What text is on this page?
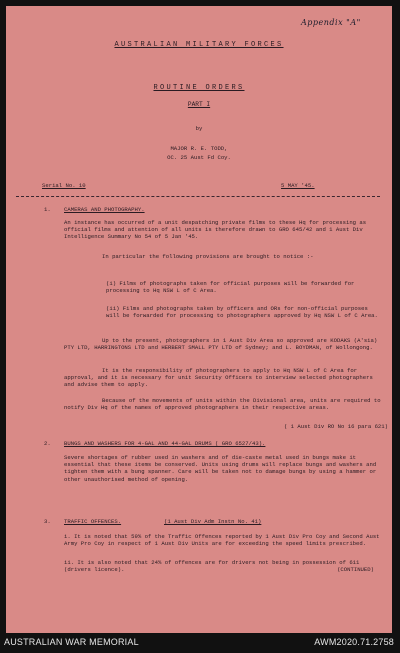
Appendix "A"
AUSTRALIAN MILITARY FORCES
ROUTINE ORDERS
PART I
by
MAJOR R. E. TODD,
OC. 25 Aust Fd Coy.
Serial No. 10	5 MAY '45.
1. CAMERAS AND PHOTOGRAPHY.
An instance has occurred of a unit despatching private films to these Hq for processing as official films and attention of all units is therefore drawn to GRO 645/42 and 1 Aust Div Intelligence Summary No 54 of 5 Jan '45.
In particular the following provisions are brought to notice :-
(i) Films of photographs taken for official purposes will be forwarded for processing to Hq NSW L of C Area.
(ii) Films and photographs taken by officers and ORs for non-official purposes will be forwarded for processing to photographers approved by Hq NSW L of C Area.
Up to the present, photographers in 1 Aust Div Area so approved are KODAKS (A'sia) PTY LTD, HARRINGTONS LTD and HERBERT SMALL PTY LTD of Sydney; and L. BOYDMAN, of Wollongong.
It is the responsibility of photographers to apply to Hq NSW L of C Area for approval, and it is necessary for unit Security Officers to interview selected photographers and advise them to apply.
Because of the movements of units within the Divisional area, units are required to notify Div Hq of the names of approved photographers in their respective areas.
( 1 Aust Div RO No 16 para 621)
2. BUNGS AND WASHERS FOR 4-GAL AND 44-GAL DRUMS ( GRO 6527/43).
Severe shortages of rubber used in washers and of die-caste metal used in bungs make it essential that these items be conserved. Units using drums will replace bungs and washers and tighten them with a bung spanner. Care will be taken not to damage bungs by using a hammer or other unauthorised method of opening.
3. TRAFFIC OFFENCES.	(1 Aust Div Adm Instn No. 41)
i. It is noted that 59% of the Traffic Offences reported by 1 Aust Div Pro Coy and Second Aust Army Pro Coy in respect of 1 Aust Div Units are for exceeding the speed limits prescribed.
ii. It is also noted that 24% of offences are for drivers not being in possession of 611 (drivers licence).	(CONTINUED)
AUSTRALIAN WAR MEMORIAL	AWM2020.71.2758
